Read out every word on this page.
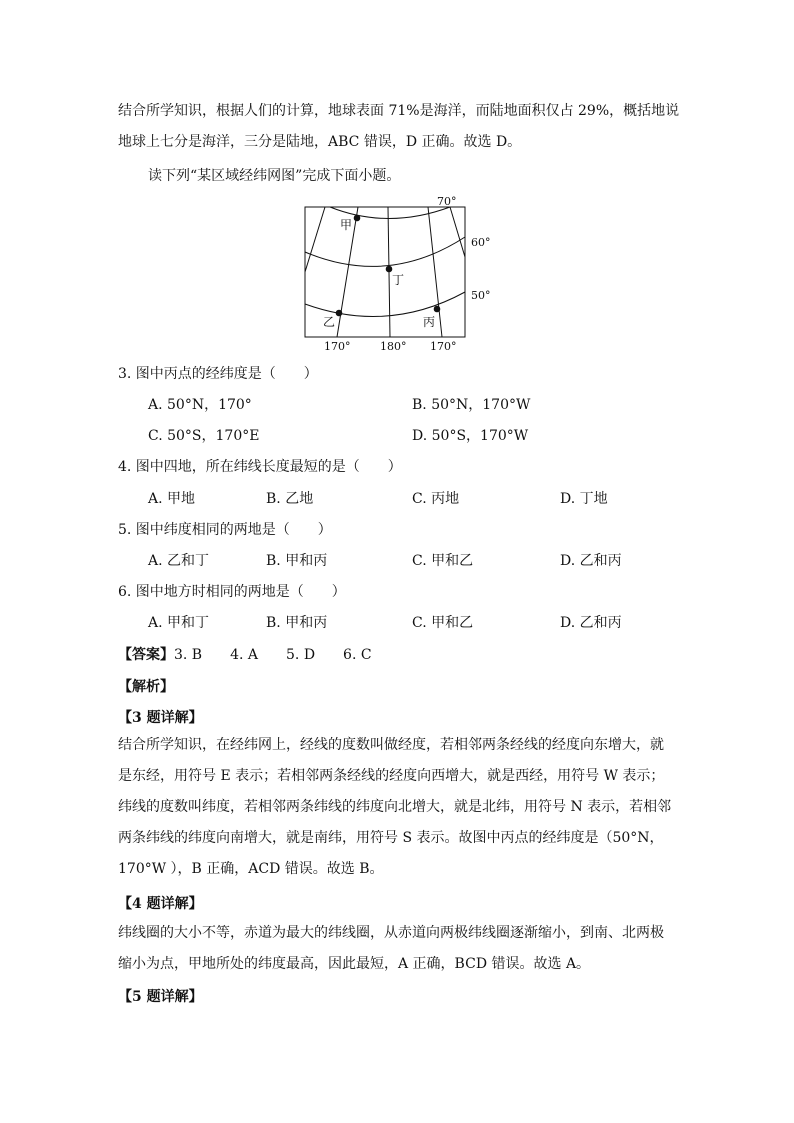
结合所学知识，根据人们的计算，地球表面 71%是海洋，而陆地面积仅占 29%，概括地说

地球上七分是海洋，三分是陆地，ABC 错误，D 正确。故选 D。

读下列“某区域经纬网图”完成下面小题。
甲
丁
乙	丙
70°
60°
50°
170°	180° 170°
3. 图中丙点的经纬度是（　　）
A. 50°N，170°	B. 50°N，170°W
C. 50°S，170°E	D. 50°S，170°W
4. 图中四地，所在纬线长度最短的是（　　）
A. 甲地	B. 乙地	C. 丙地	D. 丁地
5. 图中纬度相同的两地是（　　）
A. 乙和丁	B. 甲和丙	C. 甲和乙	D. 乙和丙
6. 图中地方时相同的两地是（　　）
A. 甲和丁	B. 甲和丙	C. 甲和乙	D. 乙和丙
【答案】3. B　　4. A　　5. D　　6. C
【解析】
【3 题详解】

结合所学知识，在经纬网上，经线的度数叫做经度，若相邻两条经线的经度向东增大，就

是东经，用符号 E 表示；若相邻两条经线的经度向西增大，就是西经，用符号 W 表示；

纬线的度数叫纬度，若相邻两条纬线的纬度向北增大，就是北纬，用符号 N 表示，若相邻

两条纬线的纬度向南增大，就是南纬，用符号 S 表示。故图中丙点的经纬度是（50°N，

170°W ），B 正确，ACD 错误。故选 B。

【4 题详解】

纬线圈的大小不等，赤道为最大的纬线圈，从赤道向两极纬线圈逐渐缩小，到南、北两极

缩小为点，甲地所处的纬度最高，因此最短，A 正确，BCD 错误。故选 A。

【5 题详解】
